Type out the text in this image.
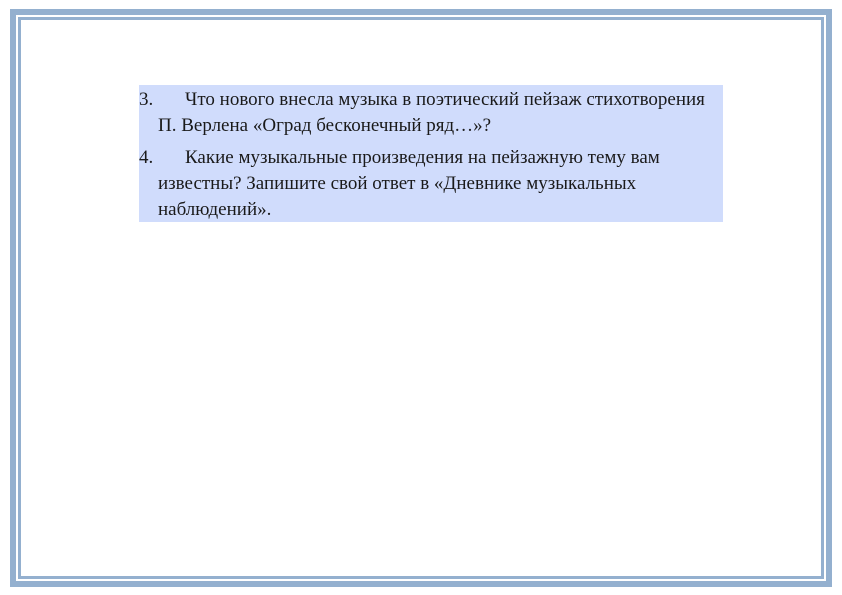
3.	Что нового внесла музыка в поэтический пейзаж стихотворения П. Верлена «Оград бесконечный ряд…»?

4.	Какие музыкальные произведения на пейзажную тему вам известны? Запишите свой ответ в «Дневнике музыкальных наблюдений».
